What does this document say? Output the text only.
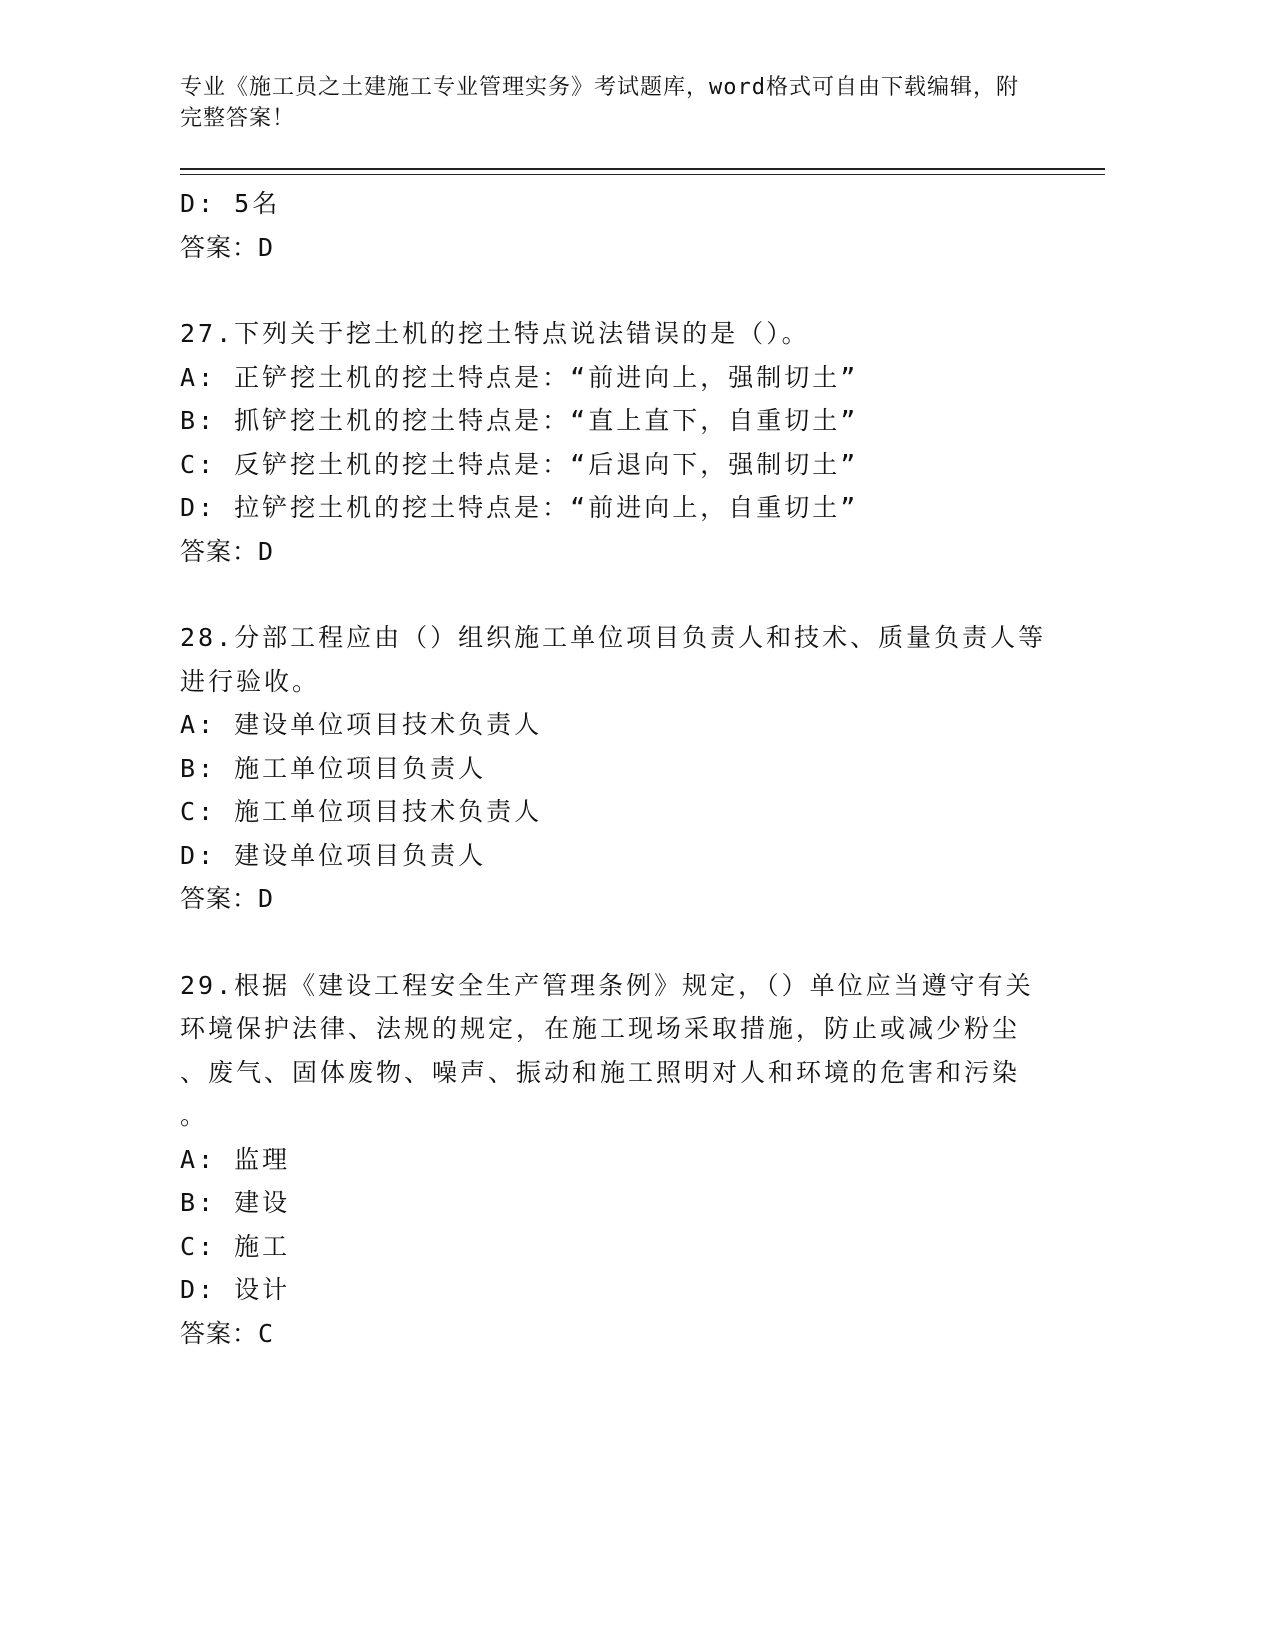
专业《施工员之土建施工专业管理实务》考试题库，word格式可自由下载编辑，附完整答案！
D: 5名
答案：D
27.下列关于挖土机的挖土特点说法错误的是（）。
A: 正铲挖土机的挖土特点是：“前进向上，强制切土”
B: 抓铲挖土机的挖土特点是：“直上直下，自重切土”
C: 反铲挖土机的挖土特点是：“后退向下，强制切土”
D: 拉铲挖土机的挖土特点是：“前进向上，自重切土”
答案：D
28.分部工程应由（）组织施工单位项目负责人和技术、质量负责人等
进行验收。
A: 建设单位项目技术负责人
B: 施工单位项目负责人
C: 施工单位项目技术负责人
D: 建设单位项目负责人
答案：D
29.根据《建设工程安全生产管理条例》规定，（）单位应当遵守有关
环境保护法律、法规的规定，在施工现场采取措施，防止或减少粉尘
、废气、固体废物、噪声、振动和施工照明对人和环境的危害和污染
。
A: 监理
B: 建设
C: 施工
D: 设计
答案：C
